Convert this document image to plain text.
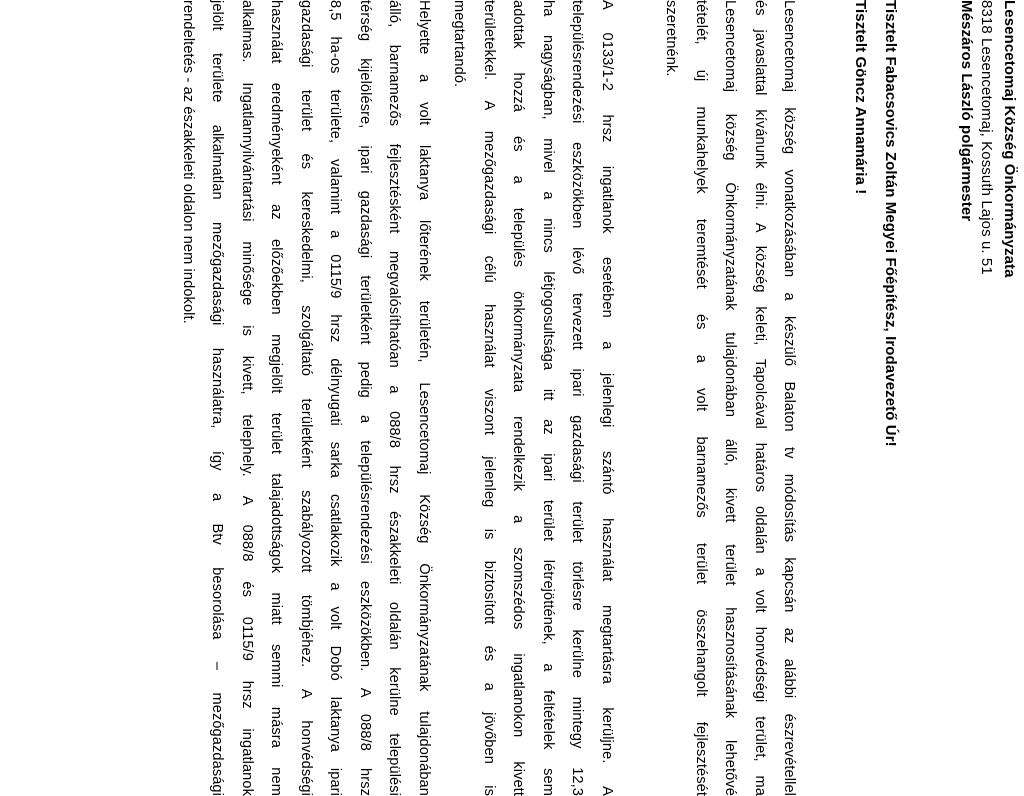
Lesencetomaj Község Önkormányzata
8318 Lesencetomaj, Kossuth Lajos u. 51
Mészáros László polgármester
Tisztelt Fabacsovics Zoltán Megyei Főépítész, Irodavezető Úr!
Tisztelt Göncz Annamária !
Lesencetomaj község vonatkozásában a készülő Balaton tv módosítás kapcsán az alábbi észrevétellel
és javaslattal kívánunk élni. A község keleti, Tapolcával határos oldalán a volt honvédségi terület, ma
Lesencetomaj község Önkormányzatának tulajdonában álló, kivett terület hasznosításának lehetővé
tételét, új munkahelyek teremtését és a volt barnamezős terület összehangolt fejlesztését
szeretnénk.
A 0133/1-2 hrsz ingatlanok esetében a jelenlegi szántó használat megtartásra kerüljne. A
településrendezési eszközökben lévő tervezett ipari gazdasági terület törlésre kerülne mintegy 12,3
ha nagyságban, mivel a nincs létjogosultsága itt az ipari terület létrejöttének, a feltételek sem
adottak hozzá és a település önkormányzata rendelkezik a szomszédos ingatlanokon kivett
területekkel. A mezőgazdasági célú használat viszont jelenleg is biztosított és a jövőben is
megtartandó.
Helyette a volt laktanya lőterének területén, Lesencetomaj Község Önkormányzatának tulajdonában
álló, barnamezős fejlesztésként megvalósíthatóan a 088/8 hrsz északkeleti oldalán kerülne települési
térség kijelölésre, ipari gazdasági területként pedig a településrendezési eszközökben. A 088/8 hrsz
8,5 ha-os területe, valamint a 0115/9 hrsz délnyugati sarka csatlakozik a volt Dobó laktanya ipari
gazdasági terület és kereskedelmi, szolgáltató területként szabályozott tömbjéhez. A honvédségi
használat eredményeként az előzőekben megjelölt terület talajadottságok miatt semmi másra nem
alkalmas. Ingatlannyilvántartási minősége is kivett, telephely. A 088/8 és 0115/9 hrsz ingatlanok
jelölt területe alkalmatlan mezőgazdasági használatra, így a Btv besorolása – mezőgazdasági
rendeltetés - az északkeleti oldalon nem indokolt.
